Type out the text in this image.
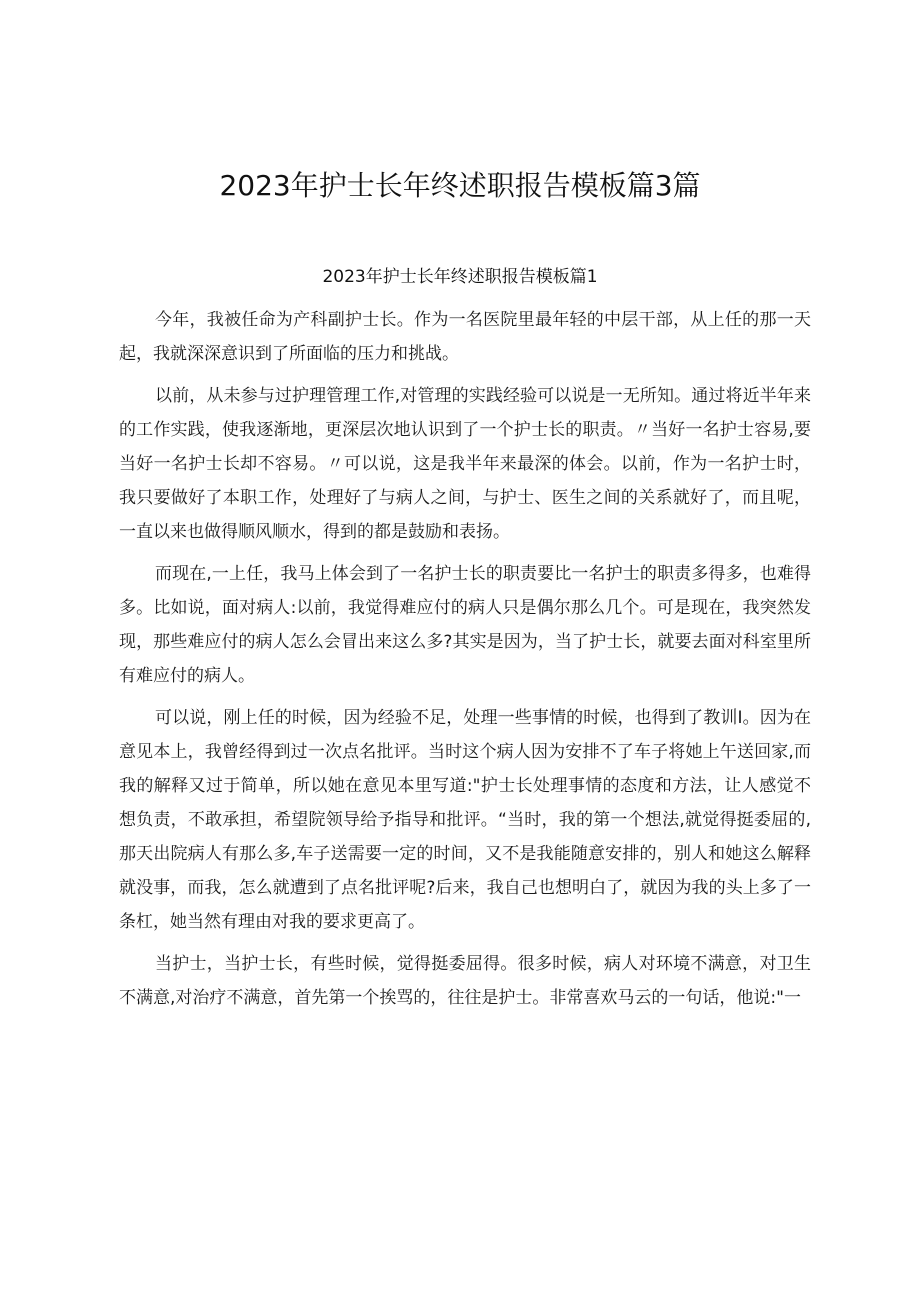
2023年护士长年终述职报告模板篇3篇
2023年护士长年终述职报告模板篇1

今年，我被任命为产科副护士长。作为一名医院里最年轻的中层干部，从上任的那一天起，我就深深意识到了所面临的压力和挑战。

以前，从未参与过护理管理工作,对管理的实践经验可以说是一无所知。通过将近半年来的工作实践，使我逐渐地，更深层次地认识到了一个护士长的职责。〃当好一名护士容易,要当好一名护士长却不容易。〃可以说，这是我半年来最深的体会。以前，作为一名护士时，我只要做好了本职工作，处理好了与病人之间，与护士、医生之间的关系就好了，而且呢，一直以来也做得顺风顺水，得到的都是鼓励和表扬。

而现在,一上任，我马上体会到了一名护士长的职责要比一名护士的职责多得多，也难得多。比如说，面对病人:以前，我觉得难应付的病人只是偶尔那么几个。可是现在，我突然发现，那些难应付的病人怎么会冒出来这么多?其实是因为，当了护士长，就要去面对科室里所有难应付的病人。

可以说，刚上任的时候，因为经验不足，处理一些事情的时候，也得到了教训I。因为在意见本上，我曾经得到过一次点名批评。当时这个病人因为安排不了车子将她上午送回家,而我的解释又过于简单，所以她在意见本里写道:"护士长处理事情的态度和方法，让人感觉不想负责，不敢承担，希望院领导给予指导和批评。“当时，我的第一个想法,就觉得挺委屈的,那天出院病人有那么多,车子送需要一定的时间，又不是我能随意安排的，别人和她这么解释就没事，而我，怎么就遭到了点名批评呢?后来，我自己也想明白了，就因为我的头上多了一条杠，她当然有理由对我的要求更高了。

当护士，当护士长，有些时候，觉得挺委屈得。很多时候，病人对环境不满意，对卫生不满意,对治疗不满意，首先第一个挨骂的，往往是护士。非常喜欢马云的一句话，他说:"一
